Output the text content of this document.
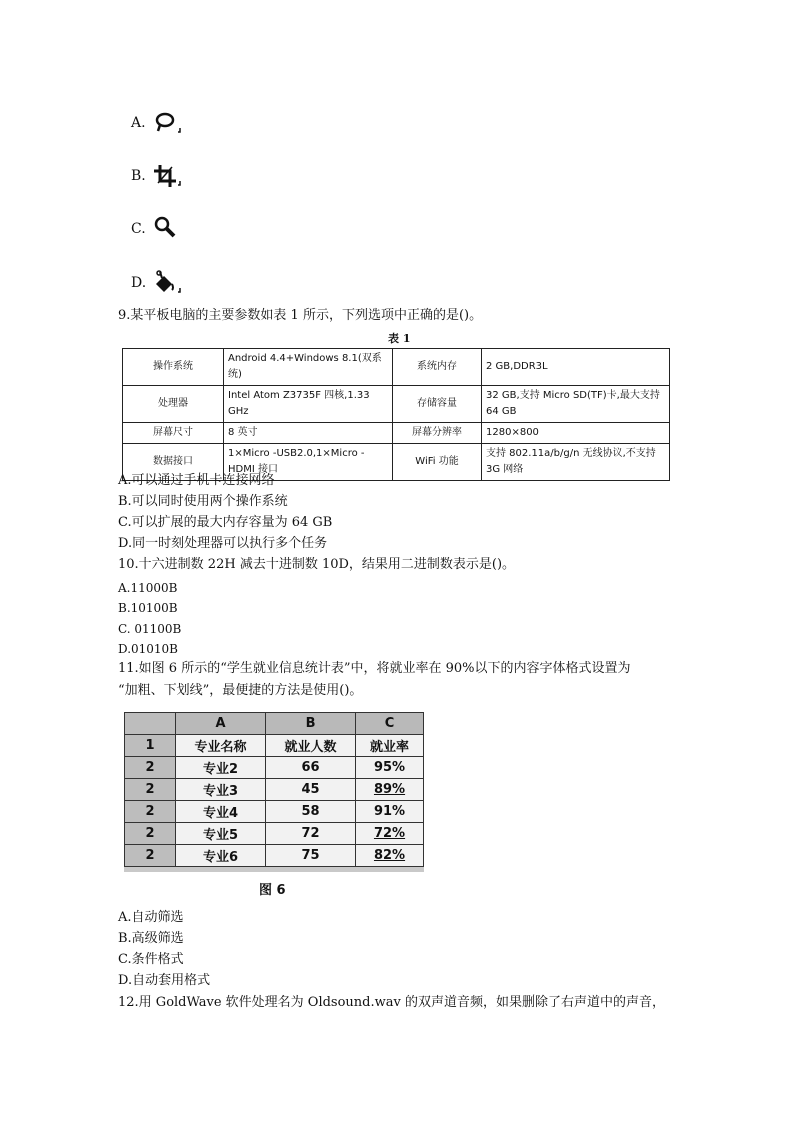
A.
B.
C.
D.
9.某平板电脑的主要参数如表 1 所示，下列选项中正确的是()。
表 1
操作系统	Android 4.4+Windows 8.1(双系统)	系统内存	2 GB,DDR3L
处理器	Intel Atom Z3735F 四核,1.33 GHz	存储容量	32 GB,支持 Micro SD(TF)卡,最大支持 64 GB
屏幕尺寸	8 英寸	屏幕分辨率	1280×800
数据接口	1×Micro -USB2.0,1×Micro -HDMI 接口	WiFi 功能	支持 802.11a/b/g/n 无线协议,不支持 3G 网络
A.可以通过手机卡连接网络
B.可以同时使用两个操作系统
C.可以扩展的最大内存容量为 64 GB
D.同一时刻处理器可以执行多个任务
10.十六进制数 22H 减去十进制数 10D，结果用二进制数表示是()。
A.11000B
B.10100B
C. 01100B
D.01010B
11.如图 6 所示的“学生就业信息统计表”中，将就业率在 90%以下的内容字体格式设置为
“加粗、下划线”，最便捷的方法是使用()。
	A	B	C
1	专业名称	就业人数	就业率
2	专业2	66	95%
2	专业3	45	89%
2	专业4	58	91%
2	专业5	72	72%
2	专业6	75	82%
图 6
A.自动筛选
B.高级筛选
C.条件格式
D.自动套用格式
12.用 GoldWave 软件处理名为 Oldsound.wav 的双声道音频，如果删除了右声道中的声音，
